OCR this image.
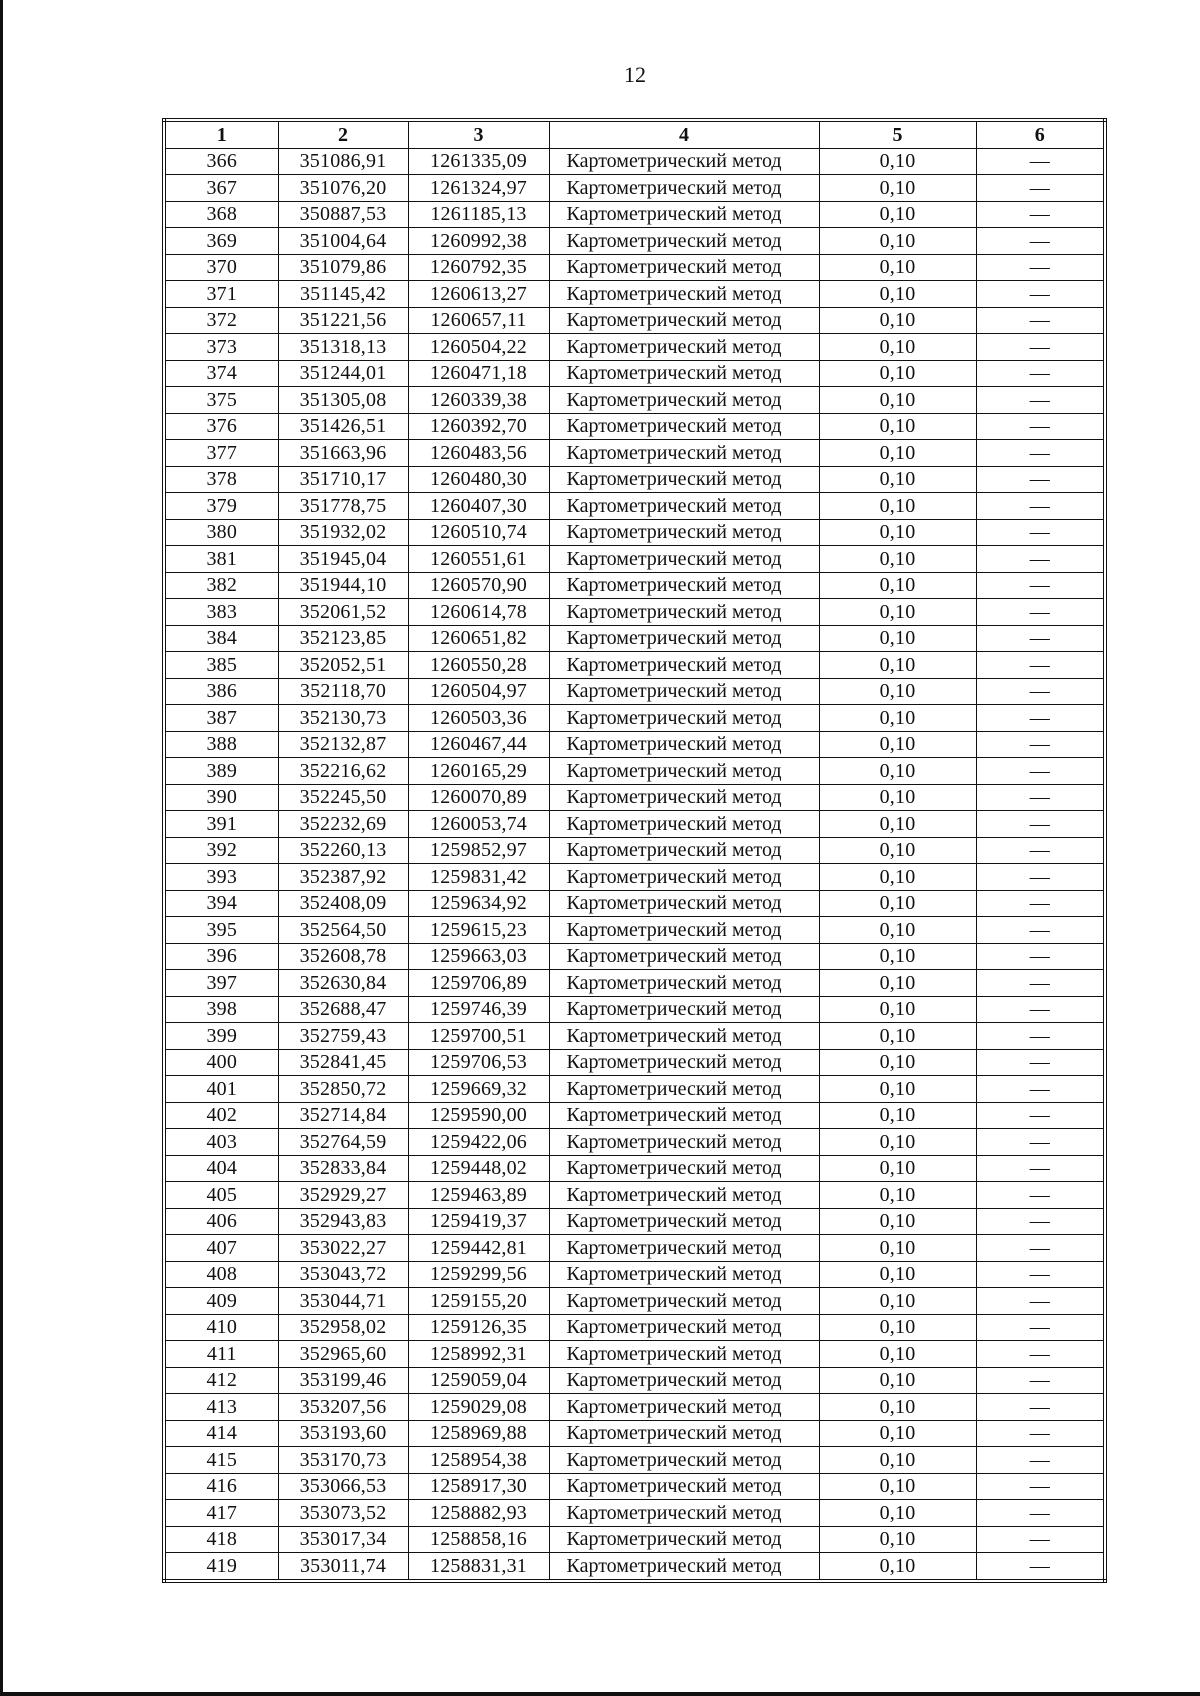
12
1	2	3	4	5	6
366	351086,91	1261335,09	Картометрический метод	0,10	—
367	351076,20	1261324,97	Картометрический метод	0,10	—
368	350887,53	1261185,13	Картометрический метод	0,10	—
369	351004,64	1260992,38	Картометрический метод	0,10	—
370	351079,86	1260792,35	Картометрический метод	0,10	—
371	351145,42	1260613,27	Картометрический метод	0,10	—
372	351221,56	1260657,11	Картометрический метод	0,10	—
373	351318,13	1260504,22	Картометрический метод	0,10	—
374	351244,01	1260471,18	Картометрический метод	0,10	—
375	351305,08	1260339,38	Картометрический метод	0,10	—
376	351426,51	1260392,70	Картометрический метод	0,10	—
377	351663,96	1260483,56	Картометрический метод	0,10	—
378	351710,17	1260480,30	Картометрический метод	0,10	—
379	351778,75	1260407,30	Картометрический метод	0,10	—
380	351932,02	1260510,74	Картометрический метод	0,10	—
381	351945,04	1260551,61	Картометрический метод	0,10	—
382	351944,10	1260570,90	Картометрический метод	0,10	—
383	352061,52	1260614,78	Картометрический метод	0,10	—
384	352123,85	1260651,82	Картометрический метод	0,10	—
385	352052,51	1260550,28	Картометрический метод	0,10	—
386	352118,70	1260504,97	Картометрический метод	0,10	—
387	352130,73	1260503,36	Картометрический метод	0,10	—
388	352132,87	1260467,44	Картометрический метод	0,10	—
389	352216,62	1260165,29	Картометрический метод	0,10	—
390	352245,50	1260070,89	Картометрический метод	0,10	—
391	352232,69	1260053,74	Картометрический метод	0,10	—
392	352260,13	1259852,97	Картометрический метод	0,10	—
393	352387,92	1259831,42	Картометрический метод	0,10	—
394	352408,09	1259634,92	Картометрический метод	0,10	—
395	352564,50	1259615,23	Картометрический метод	0,10	—
396	352608,78	1259663,03	Картометрический метод	0,10	—
397	352630,84	1259706,89	Картометрический метод	0,10	—
398	352688,47	1259746,39	Картометрический метод	0,10	—
399	352759,43	1259700,51	Картометрический метод	0,10	—
400	352841,45	1259706,53	Картометрический метод	0,10	—
401	352850,72	1259669,32	Картометрический метод	0,10	—
402	352714,84	1259590,00	Картометрический метод	0,10	—
403	352764,59	1259422,06	Картометрический метод	0,10	—
404	352833,84	1259448,02	Картометрический метод	0,10	—
405	352929,27	1259463,89	Картометрический метод	0,10	—
406	352943,83	1259419,37	Картометрический метод	0,10	—
407	353022,27	1259442,81	Картометрический метод	0,10	—
408	353043,72	1259299,56	Картометрический метод	0,10	—
409	353044,71	1259155,20	Картометрический метод	0,10	—
410	352958,02	1259126,35	Картометрический метод	0,10	—
411	352965,60	1258992,31	Картометрический метод	0,10	—
412	353199,46	1259059,04	Картометрический метод	0,10	—
413	353207,56	1259029,08	Картометрический метод	0,10	—
414	353193,60	1258969,88	Картометрический метод	0,10	—
415	353170,73	1258954,38	Картометрический метод	0,10	—
416	353066,53	1258917,30	Картометрический метод	0,10	—
417	353073,52	1258882,93	Картометрический метод	0,10	—
418	353017,34	1258858,16	Картометрический метод	0,10	—
419	353011,74	1258831,31	Картометрический метод	0,10	—
